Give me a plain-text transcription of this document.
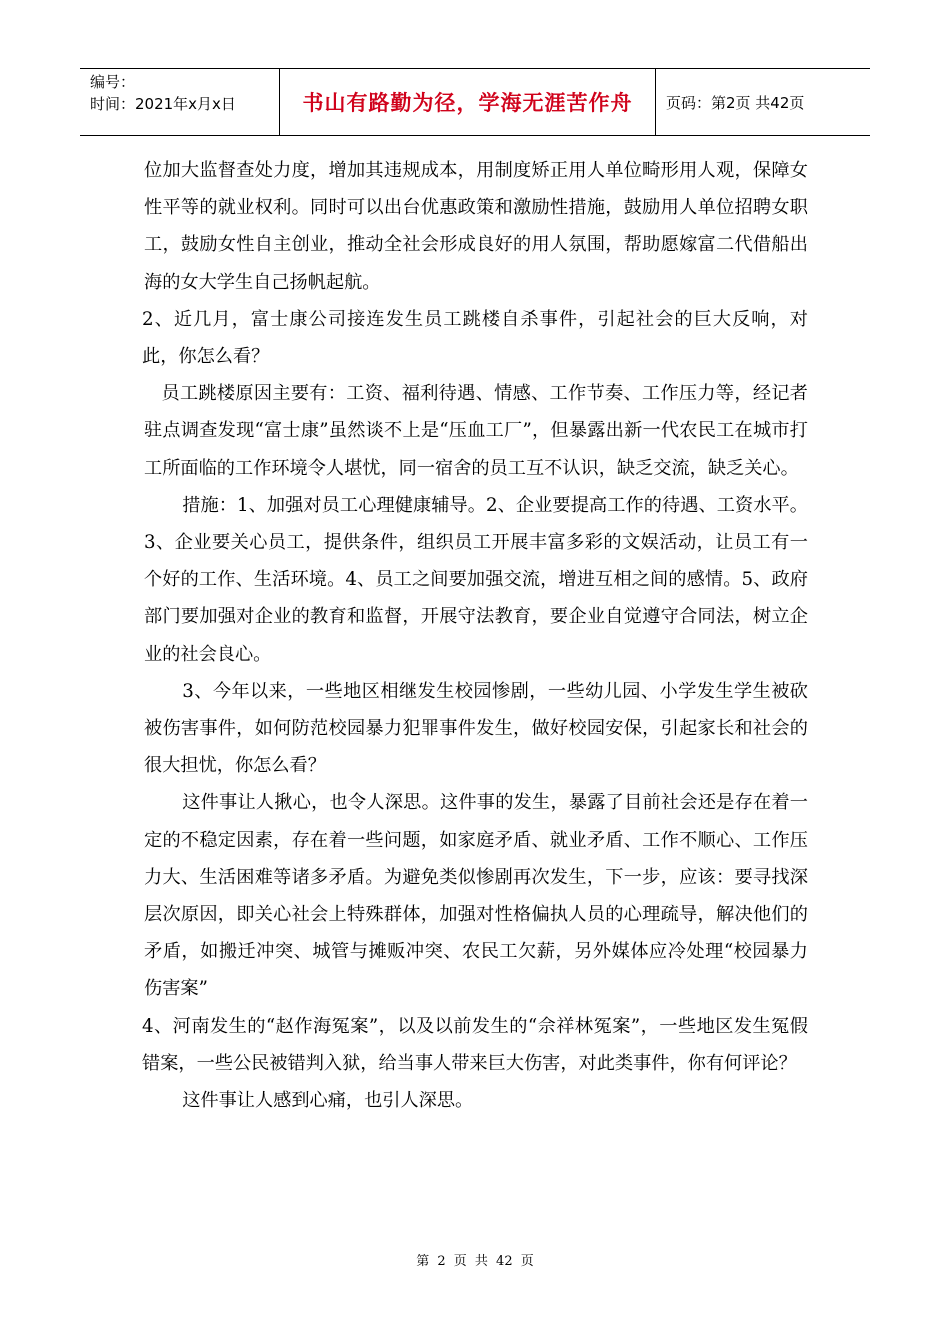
编号：
时间：2021年x月x日	书山有路勤为径，学海无涯苦作舟 页码：第2页 共42页

位加大监督查处力度，增加其违规成本，用制度矫正用人单位畸形用人观，保障女性平等的就业权利。同时可以出台优惠政策和激励性措施，鼓励用人单位招聘女职工，鼓励女性自主创业，推动全社会形成良好的用人氛围，帮助愿嫁富二代借船出海的女大学生自己扬帆起航。

2、近几月，富士康公司接连发生员工跳楼自杀事件，引起社会的巨大反响，对此，你怎么看？

员工跳楼原因主要有：工资、福利待遇、情感、工作节奏、工作压力等，经记者驻点调查发现“富士康”虽然谈不上是“压血工厂”，但暴露出新一代农民工在城市打工所面临的工作环境令人堪忧，同一宿舍的员工互不认识，缺乏交流，缺乏关心。

措施：1、加强对员工心理健康辅导。2、企业要提高工作的待遇、工资水平。3、企业要关心员工，提供条件，组织员工开展丰富多彩的文娱活动，让员工有一个好的工作、生活环境。4、员工之间要加强交流，增进互相之间的感情。5、政府部门要加强对企业的教育和监督，开展守法教育，要企业自觉遵守合同法，树立企业的社会良心。

3、今年以来，一些地区相继发生校园惨剧，一些幼儿园、小学发生学生被砍被伤害事件，如何防范校园暴力犯罪事件发生，做好校园安保，引起家长和社会的很大担忧，你怎么看？

这件事让人揪心，也令人深思。这件事的发生，暴露了目前社会还是存在着一定的不稳定因素，存在着一些问题，如家庭矛盾、就业矛盾、工作不顺心、工作压力大、生活困难等诸多矛盾。为避免类似惨剧再次发生，下一步，应该：要寻找深层次原因，即关心社会上特殊群体，加强对性格偏执人员的心理疏导，解决他们的矛盾，如搬迁冲突、城管与摊贩冲突、农民工欠薪，另外媒体应冷处理“校园暴力伤害案”

4、河南发生的“赵作海冤案”，以及以前发生的“佘祥林冤案”，一些地区发生冤假错案，一些公民被错判入狱，给当事人带来巨大伤害，对此类事件，你有何评论？

这件事让人感到心痛，也引人深思。

第 2 页 共 42 页
